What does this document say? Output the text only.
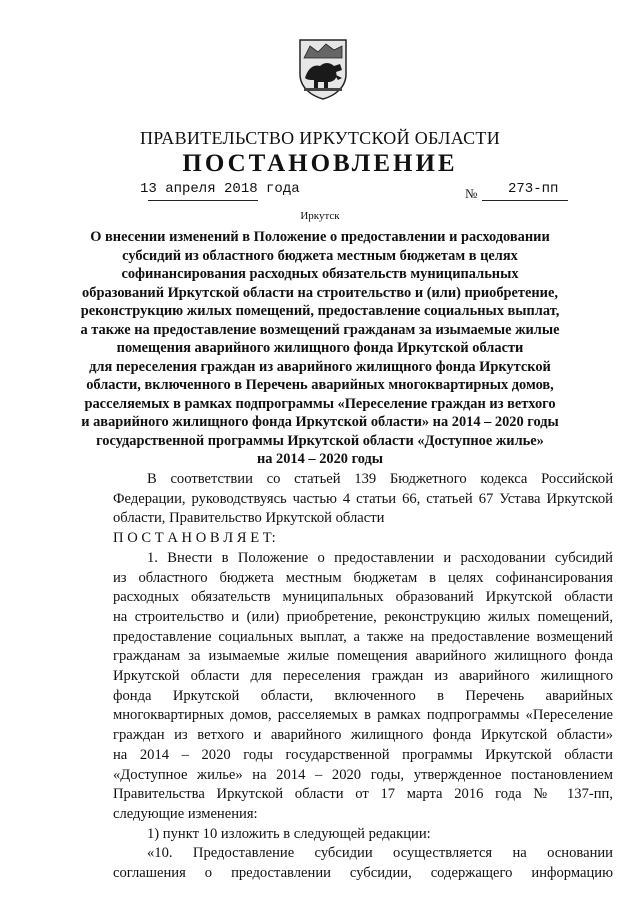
ПРАВИТЕЛЬСТВО ИРКУТСКОЙ ОБЛАСТИ
ПОСТАНОВЛЕНИЕ
13 апреля 2018 года	№ 273-пп
Иркутск
О внесении изменений в Положение о предоставлении и расходовании
субсидий из областного бюджета местным бюджетам в целях
софинансирования расходных обязательств муниципальных
образований Иркутской области на строительство и (или) приобретение,
реконструкцию жилых помещений, предоставление социальных выплат,
а также на предоставление возмещений гражданам за изымаемые жилые
помещения аварийного жилищного фонда Иркутской области
для переселения граждан из аварийного жилищного фонда Иркутской
области, включенного в Перечень аварийных многоквартирных домов,
расселяемых в рамках подпрограммы «Переселение граждан из ветхого
и аварийного жилищного фонда Иркутской области» на 2014 – 2020 годы
государственной программы Иркутской области «Доступное жилье»
на 2014 – 2020 годы
В соответствии со статьей 139 Бюджетного кодекса Российской
Федерации, руководствуясь частью 4 статьи 66, статьей 67 Устава Иркутской
области, Правительство Иркутской области
П О С Т А Н О В Л Я Е Т:
1. Внести в Положение о предоставлении и расходовании субсидий
из областного бюджета местным бюджетам в целях софинансирования
расходных обязательств муниципальных образований Иркутской области
на строительство и (или) приобретение, реконструкцию жилых помещений,
предоставление социальных выплат, а также на предоставление возмещений
гражданам за изымаемые жилые помещения аварийного жилищного фонда
Иркутской области для переселения граждан из аварийного жилищного
фонда Иркутской области, включенного в Перечень аварийных
многоквартирных домов, расселяемых в рамках подпрограммы «Переселение
граждан из ветхого и аварийного жилищного фонда Иркутской области»
на 2014 – 2020 годы государственной программы Иркутской области
«Доступное жилье» на 2014 – 2020 годы, утвержденное постановлением
Правительства Иркутской области от 17 марта 2016 года № 137-пп,
следующие изменения:
1) пункт 10 изложить в следующей редакции:
«10. Предоставление субсидии осуществляется на основании
соглашения о предоставлении субсидии, содержащего информацию
